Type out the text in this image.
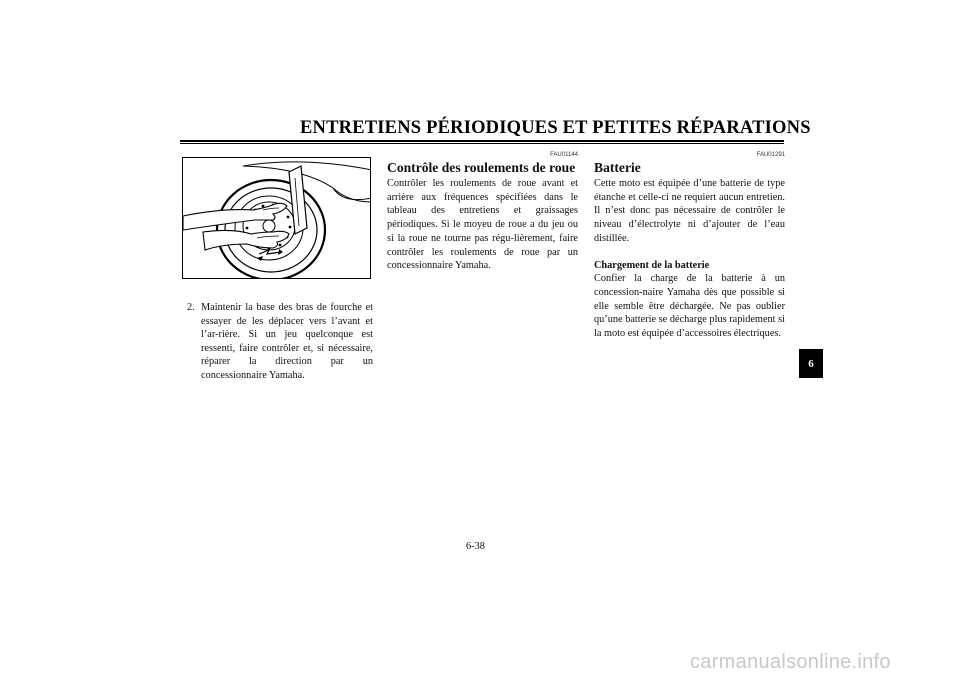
ENTRETIENS PÉRIODIQUES ET PETITES RÉPARATIONS
2. Maintenir la base des bras de fourche et essayer de les déplacer vers l’avant et l’ar-rière. Si un jeu quelconque est ressenti, faire contrôler et, si nécessaire, réparer la direction par un concessionnaire Yamaha.
FAU01144
Contrôle des roulements de roue

Contrôler les roulements de roue avant et arrière aux fréquences spécifiées dans le tableau des entretiens et graissages périodiques. Si le moyeu de roue a du jeu ou si la roue ne tourne pas régu-lièrement, faire contrôler les roulements de roue par un concessionnaire Yamaha.

FAU01291
Batterie

Cette moto est équipée d’une batterie de type étanche et celle-ci ne requiert aucun entretien. Il n’est donc pas nécessaire de contrôler le niveau d’électrolyte ni d’ajouter de l’eau distillée.

Chargement de la batterie

Confier la charge de la batterie à un concession-naire Yamaha dès que possible si elle semble être déchargée. Ne pas oublier qu’une batterie se décharge plus rapidement si la moto est équipée d’accessoires électriques.

6
6-38
carmanualsonline.info
